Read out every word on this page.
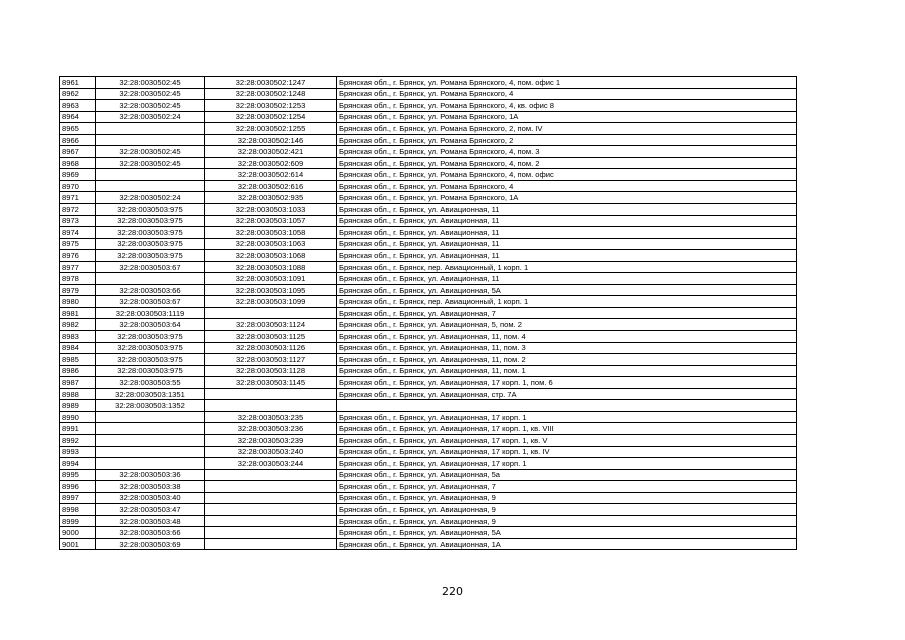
8961	32:28:0030502:45	32:28:0030502:1247	Брянская обл., г. Брянск, ул. Романа Брянского, 4, пом. офис 1
8962	32:28:0030502:45	32:28:0030502:1248	Брянская обл., г. Брянск, ул. Романа Брянского, 4
8963	32:28:0030502:45	32:28:0030502:1253	Брянская обл., г. Брянск, ул. Романа Брянского, 4, кв. офис 8
8964	32:28:0030502:24	32:28:0030502:1254	Брянская обл., г. Брянск, ул. Романа Брянского, 1А
8965		32:28:0030502:1255	Брянская обл., г. Брянск, ул. Романа Брянского, 2, пом. IV
8966		32:28:0030502:146	Брянская обл., г. Брянск, ул. Романа Брянского, 2
8967	32:28:0030502:45	32:28:0030502:421	Брянская обл., г. Брянск, ул. Романа Брянского, 4, пом. 3
8968	32:28:0030502:45	32:28:0030502:609	Брянская обл., г. Брянск, ул. Романа Брянского, 4, пом. 2
8969		32:28:0030502:614	Брянская обл., г. Брянск, ул. Романа Брянского, 4, пом. офис
8970		32:28:0030502:616	Брянская обл., г. Брянск, ул. Романа Брянского, 4
8971	32:28:0030502:24	32:28:0030502:935	Брянская обл., г. Брянск, ул. Романа Брянского, 1А
8972	32:28:0030503:975	32:28:0030503:1033	Брянская обл., г. Брянск, ул. Авиационная, 11
8973	32:28:0030503:975	32:28:0030503:1057	Брянская обл., г. Брянск, ул. Авиационная, 11
8974	32:28:0030503:975	32:28:0030503:1058	Брянская обл., г. Брянск, ул. Авиационная, 11
8975	32:28:0030503:975	32:28:0030503:1063	Брянская обл., г. Брянск, ул. Авиационная, 11
8976	32:28:0030503:975	32:28:0030503:1068	Брянская обл., г. Брянск, ул. Авиационная, 11
8977	32:28:0030503:67	32:28:0030503:1088	Брянская обл., г. Брянск, пер. Авиационный, 1 корп. 1
8978		32:28:0030503:1091	Брянская обл., г. Брянск, ул. Авиационная, 11
8979	32:28:0030503:66	32:28:0030503:1095	Брянская обл., г. Брянск, ул. Авиационная, 5А
8980	32:28:0030503:67	32:28:0030503:1099	Брянская обл., г. Брянск, пер. Авиационный, 1 корп. 1
8981	32:28:0030503:1119		Брянская обл., г. Брянск, ул. Авиационная, 7
8982	32:28:0030503:64	32:28:0030503:1124	Брянская обл., г. Брянск, ул. Авиационная, 5, пом. 2
8983	32:28:0030503:975	32:28:0030503:1125	Брянская обл., г. Брянск, ул. Авиационная, 11, пом. 4
8984	32:28:0030503:975	32:28:0030503:1126	Брянская обл., г. Брянск, ул. Авиационная, 11, пом. 3
8985	32:28:0030503:975	32:28:0030503:1127	Брянская обл., г. Брянск, ул. Авиационная, 11, пом. 2
8986	32:28:0030503:975	32:28:0030503:1128	Брянская обл., г. Брянск, ул. Авиационная, 11, пом. 1
8987	32:28:0030503:55	32:28:0030503:1145	Брянская обл., г. Брянск, ул. Авиационная, 17 корп. 1, пом. 6
8988	32:28:0030503:1351		Брянская обл., г. Брянск, ул. Авиационная, стр. 7А
8989	32:28:0030503:1352		
8990		32:28:0030503:235	Брянская обл., г. Брянск, ул. Авиационная, 17 корп. 1
8991		32:28:0030503:236	Брянская обл., г. Брянск, ул. Авиационная, 17 корп. 1, кв. VIII
8992		32:28:0030503:239	Брянская обл., г. Брянск, ул. Авиационная, 17 корп. 1, кв. V
8993		32:28:0030503:240	Брянская обл., г. Брянск, ул. Авиационная, 17 корп. 1, кв. IV
8994		32:28:0030503:244	Брянская обл., г. Брянск, ул. Авиационная, 17 корп. 1
8995	32:28:0030503:36		Брянская обл., г. Брянск, ул. Авиационная, 5а
8996	32:28:0030503:38		Брянская обл., г. Брянск, ул. Авиационная, 7
8997	32:28:0030503:40		Брянская обл., г. Брянск, ул. Авиационная, 9
8998	32:28:0030503:47		Брянская обл., г. Брянск, ул. Авиационная, 9
8999	32:28:0030503:48		Брянская обл., г. Брянск, ул. Авиационная, 9
9000	32:28:0030503:66		Брянская обл., г. Брянск, ул. Авиационная, 5А
9001	32:28:0030503:69		Брянская обл., г. Брянск, ул. Авиационная, 1А
220
